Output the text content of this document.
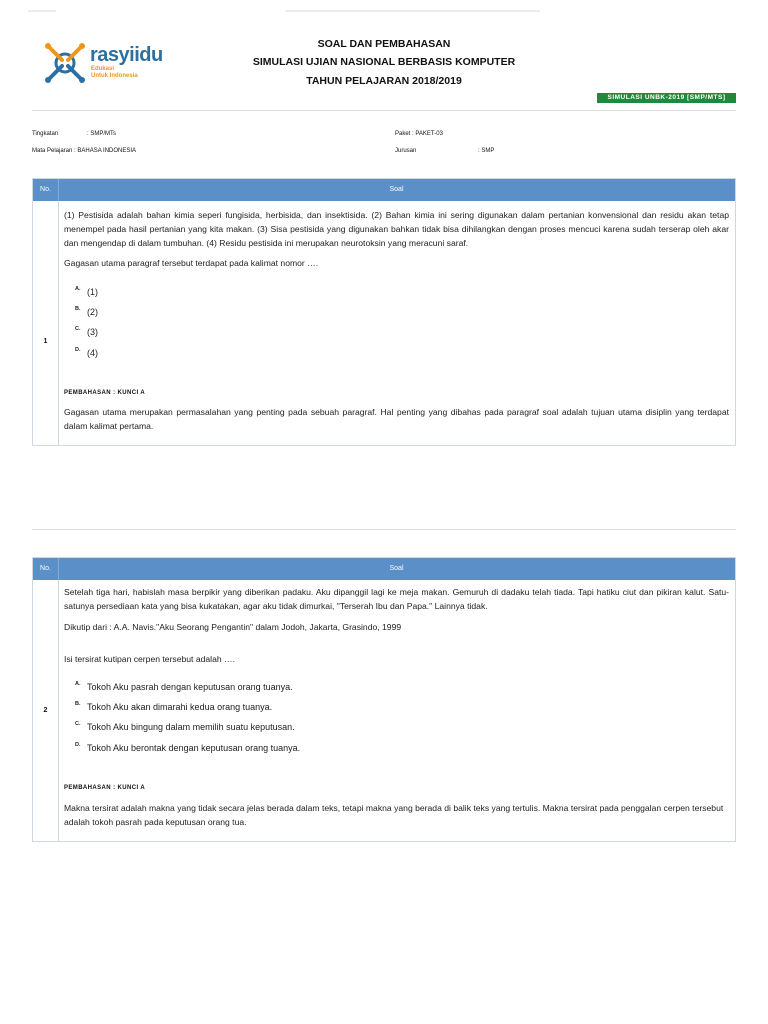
rasyiidu
Edukasi
Untuk Indonesia
SOAL DAN PEMBAHASAN
SIMULASI UJIAN NASIONAL BERBASIS KOMPUTER
TAHUN PELAJARAN 2018/2019
SIMULASI UNBK-2019 [SMP/MTS]
Tingkatan	: SMP/MTs	Paket : PAKET-03
Mata Pelajaran : BAHASA INDONESIA	Jurusan	: SMP
No.	Soal
1
(1) Pestisida adalah bahan kimia seperi fungisida, herbisida, dan insektisida. (2) Bahan kimia ini sering digunakan dalam pertanian konvensional dan residu akan tetap menempel pada hasil pertanian yang kita makan. (3) Sisa pestisida yang digunakan bahkan tidak bisa dihilangkan dengan proses mencuci karena sudah terserap oleh akar dan mengendap di dalam tumbuhan. (4) Residu pestisida ini merupakan neurotoksin yang meracuni saraf.
Gagasan utama paragraf tersebut terdapat pada kalimat nomor ….
A. (1)
B. (2)
C. (3)
D. (4)
PEMBAHASAN : KUNCI A
Gagasan utama merupakan permasalahan yang penting pada sebuah paragraf. Hal penting yang dibahas pada paragraf soal adalah tujuan utama disiplin yang terdapat dalam kalimat pertama.
No.	Soal
2
Setelah tiga hari, habislah masa berpikir yang diberikan padaku. Aku dipanggil lagi ke meja makan. Gemuruh di dadaku telah tiada. Tapi hatiku ciut dan pikiran kalut. Satu-satunya persediaan kata yang bisa kukatakan, agar aku tidak dimurkai, "Terserah Ibu dan Papa." Lainnya tidak.
Dikutip dari : A.A. Navis."Aku Seorang Pengantin" dalam Jodoh, Jakarta, Grasindo, 1999
Isi tersirat kutipan cerpen tersebut adalah ….
A. Tokoh Aku pasrah dengan keputusan orang tuanya.
B. Tokoh Aku akan dimarahi kedua orang tuanya.
C. Tokoh Aku bingung dalam memilih suatu keputusan.
D. Tokoh Aku berontak dengan keputusan orang tuanya.
PEMBAHASAN : KUNCI A
Makna tersirat adalah makna yang tidak secara jelas berada dalam teks, tetapi makna yang berada di balik teks yang tertulis. Makna tersirat pada penggalan cerpen tersebut adalah tokoh pasrah pada keputusan orang tua.
